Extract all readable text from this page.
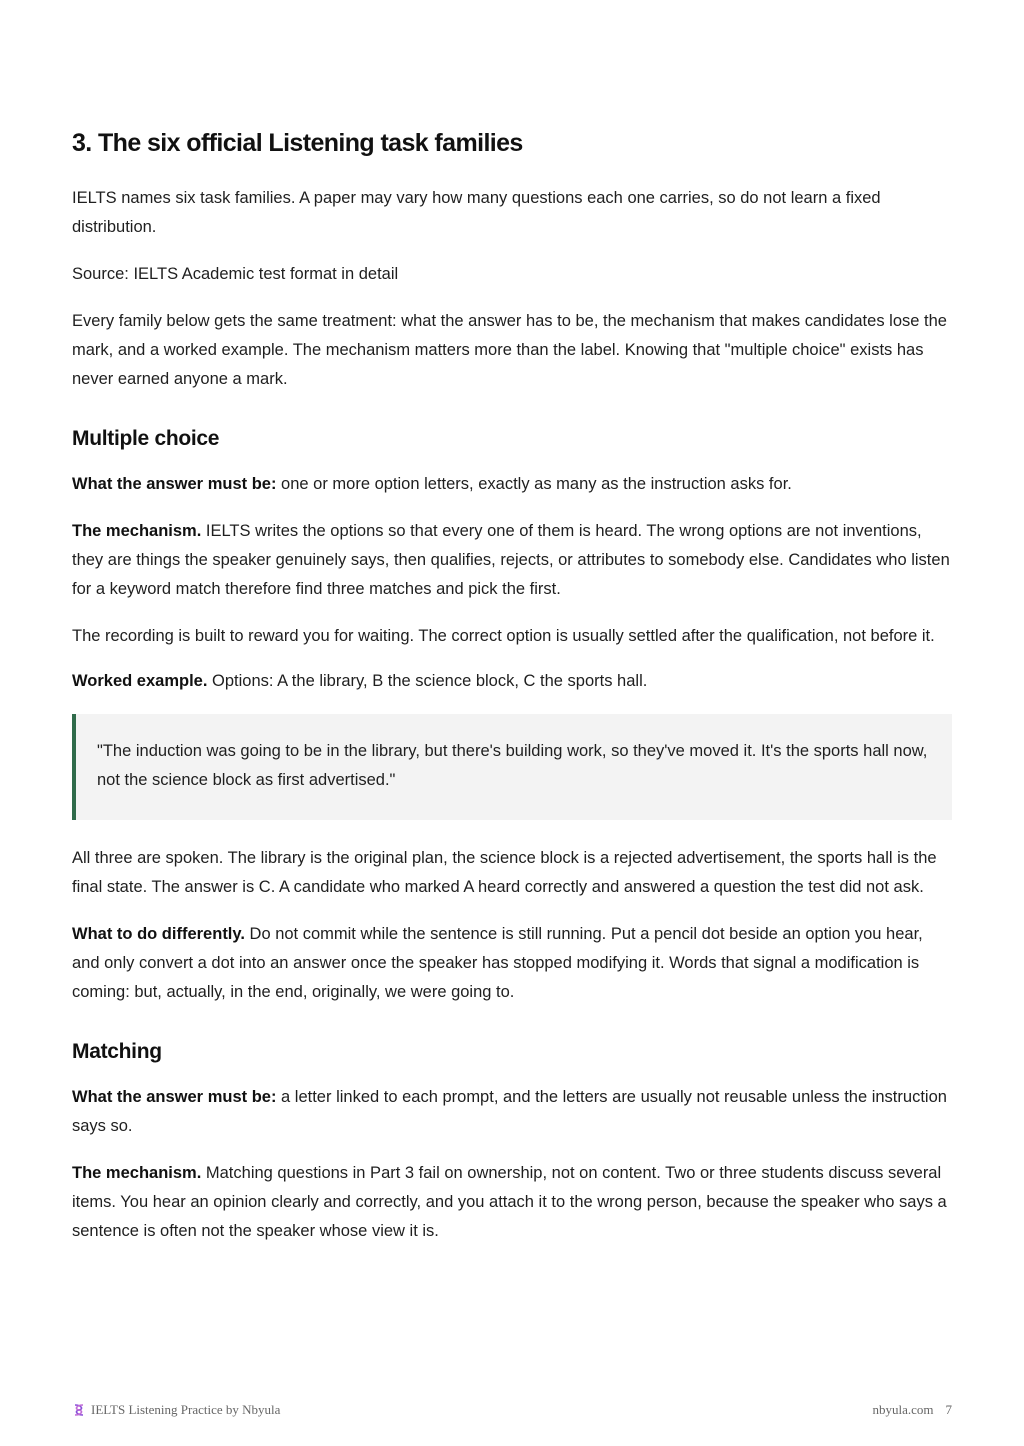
3. The six official Listening task families

IELTS names six task families. A paper may vary how many questions each one carries, so do not learn a fixed distribution.

Source: IELTS Academic test format in detail

Every family below gets the same treatment: what the answer has to be, the mechanism that makes candidates lose the mark, and a worked example. The mechanism matters more than the label. Knowing that "multiple choice" exists has never earned anyone a mark.

Multiple choice

What the answer must be: one or more option letters, exactly as many as the instruction asks for.

The mechanism. IELTS writes the options so that every one of them is heard. The wrong options are not inventions, they are things the speaker genuinely says, then qualifies, rejects, or attributes to somebody else. Candidates who listen for a keyword match therefore find three matches and pick the first.

The recording is built to reward you for waiting. The correct option is usually settled after the qualification, not before it.

Worked example. Options: A the library, B the science block, C the sports hall.

"The induction was going to be in the library, but there's building work, so they've moved it. It's the sports hall now, not the science block as first advertised."

All three are spoken. The library is the original plan, the science block is a rejected advertisement, the sports hall is the final state. The answer is C. A candidate who marked A heard correctly and answered a question the test did not ask.

What to do differently. Do not commit while the sentence is still running. Put a pencil dot beside an option you hear, and only convert a dot into an answer once the speaker has stopped modifying it. Words that signal a modification is coming: but, actually, in the end, originally, we were going to.

Matching

What the answer must be: a letter linked to each prompt, and the letters are usually not reusable unless the instruction says so.

The mechanism. Matching questions in Part 3 fail on ownership, not on content. Two or three students discuss several items. You hear an opinion clearly and correctly, and you attach it to the wrong person, because the speaker who says a sentence is often not the speaker whose view it is.

IELTS Listening Practice by Nbyula	nbyula.com 7
